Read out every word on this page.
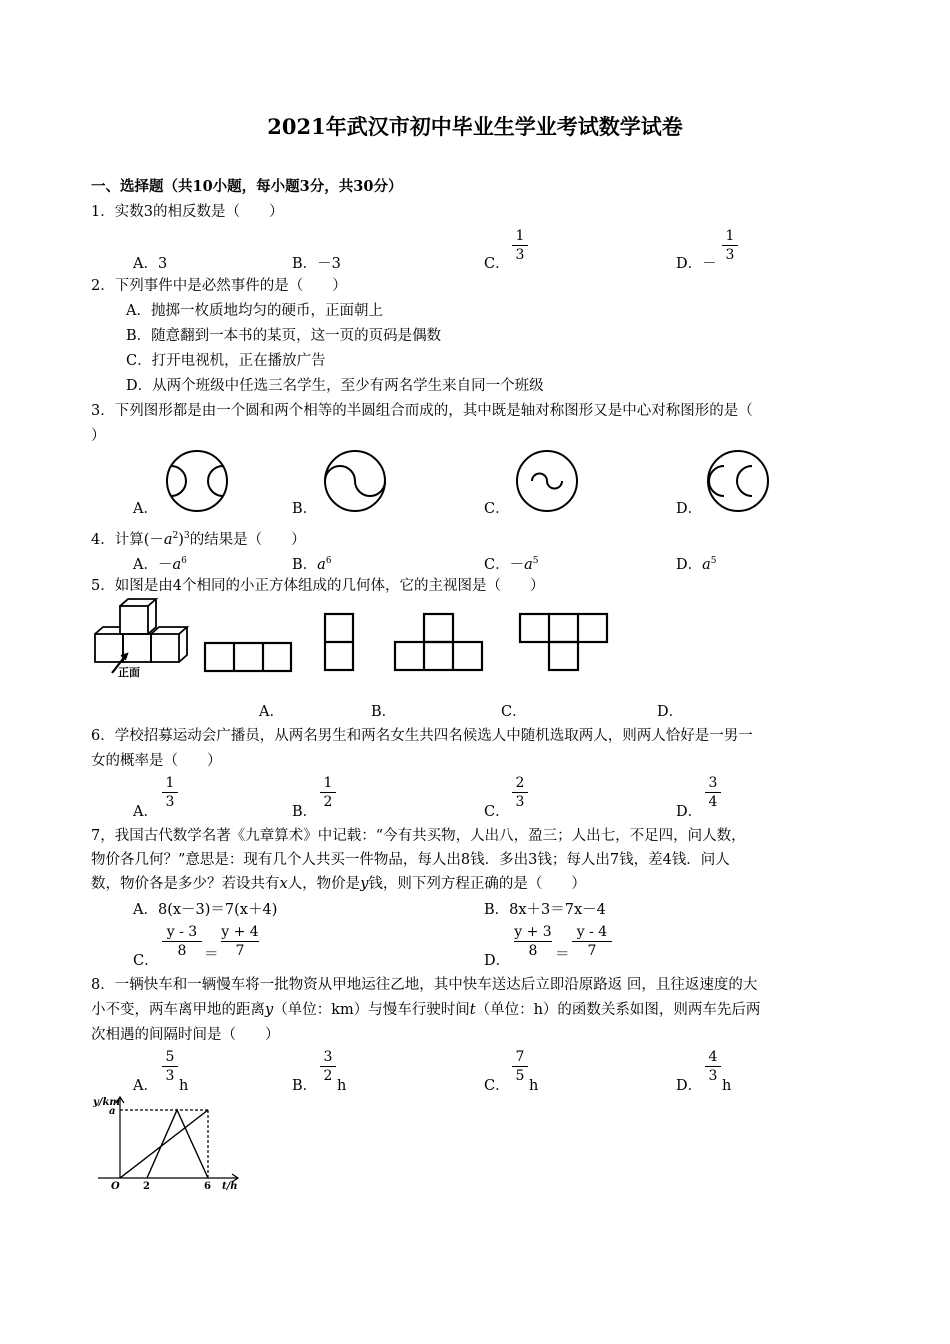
2021年武汉市初中毕业生学业考试数学试卷
一、选择题（共10小题，每小题3分，共30分）
1．实数3的相反数是（　　）
A．3	B．－3	C．
$\frac{1}{3}$
D．－
$\frac{1}{3}$
2．下列事件中是必然事件的是（　　）
A．抛掷一枚质地均匀的硬币，正面朝上
B．随意翻到一本书的某页，这一页的页码是偶数
C．打开电视机，正在播放广告
D．从两个班级中任选三名学生，至少有两名学生来自同一个班级
3．下列图形都是由一个圆和两个相等的半圆组合而成的，其中既是轴对称图形又是中心对称图形的是（
）
A．	B．	C．	D．
4．计算$(-a^2)^3$的结果是（　　）
A．$-a^6$	B．$a^6$	C．$-a^5$	D．$a^5$
5．如图是由4个相同的小正方体组成的几何体，它的主视图是（　　）
正面
A．	B．	C．	D．
6．学校招募运动会广播员，从两名男生和两名女生共四名候选人中随机选取两人，则两人恰好是一男一
女的概率是（　　）
A．
$\frac{1}{3}$
B．
$\frac{1}{2}$
C．
$\frac{2}{3}$
D．
$\frac{3}{4}$
7，我国古代数学名著《九章算术》中记载：“今有共买物，人出八，盈三；人出七，不足四，问人数，
物价各几何？”意思是：现有几个人共买一件物品，每人出8钱．多出3钱；每人出7钱，差4钱．问人
数，物价各是多少？若设共有x人，物价是y钱，则下列方程正确的是（　　）
A．8(x－3)＝7(x＋4)	B．8x＋3＝7x－4
C．
$\frac{y - 3}{8} = \frac{y + 4}{7}$
D．
$\frac{y + 3}{8} = \frac{y - 4}{7}$
8．一辆快车和一辆慢车将一批物资从甲地运往乙地，其中快车送达后立即沿原路返 回，且往返速度的大
小不变，两车离甲地的距离y（单位：km）与慢车行驶时间t（单位：h）的函数关系如图，则两车先后两
次相遇的间隔时间是（　　）
A．
$\frac{5}{3}$
h	B．
$\frac{3}{2}$
h	C．
$\frac{7}{5}$
h	D．
$\frac{4}{3}$
h
y/km
a
O 2	6 t/h
